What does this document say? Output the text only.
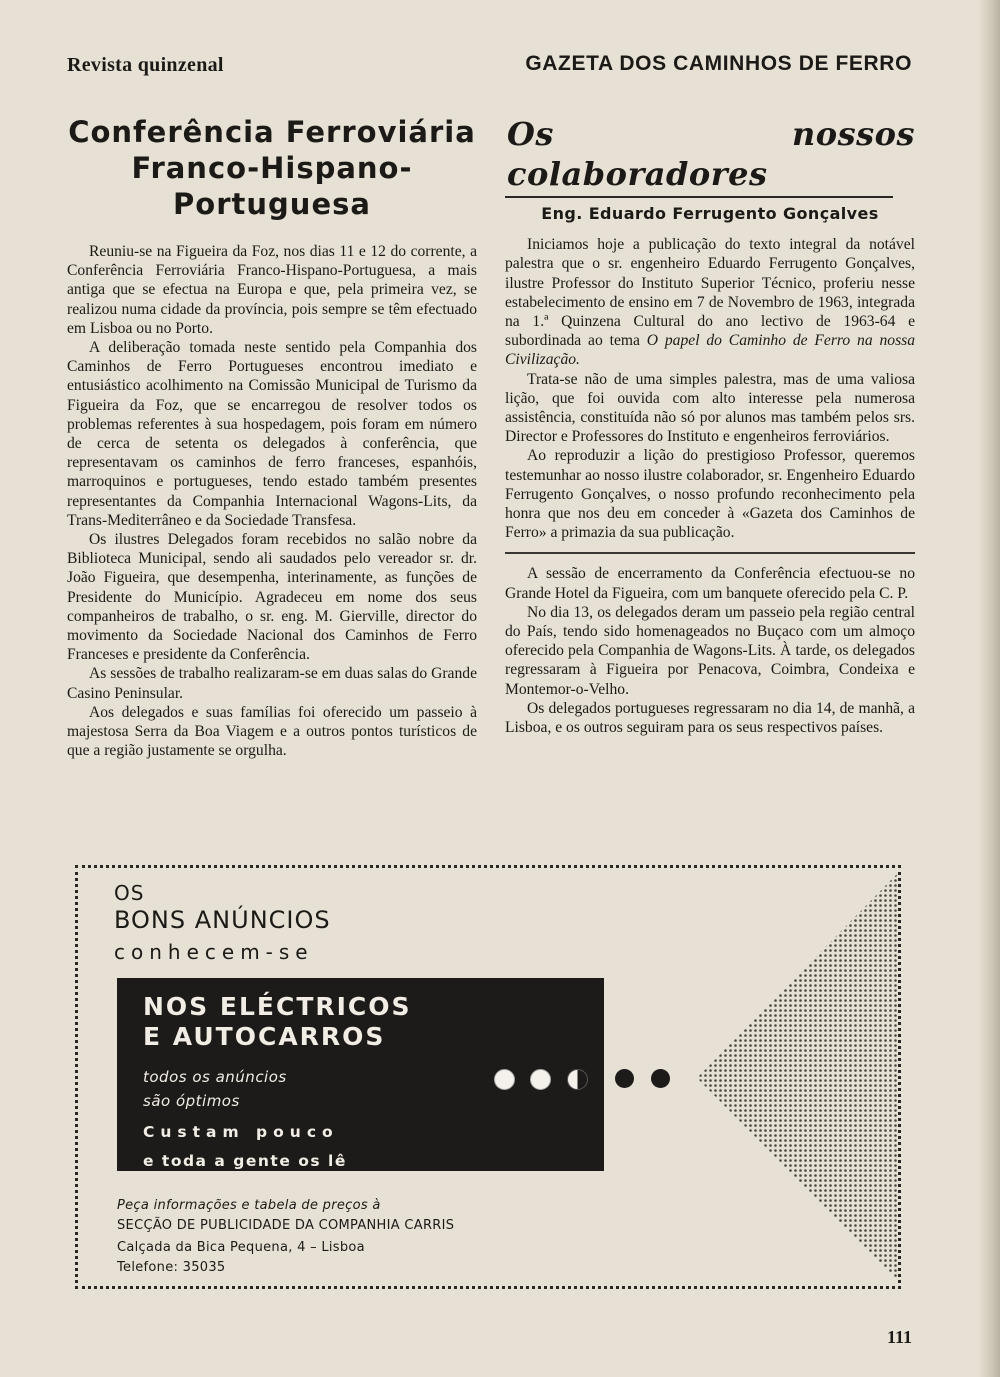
Revista quinzenal	GAZETA DOS CAMINHOS DE FERRO
Conferência Ferroviária
Franco-Hispano-Portuguesa

Reuniu-se na Figueira da Foz, nos dias 11 e 12 do corrente, a Conferência Ferroviária Franco-Hispano-Portuguesa, a mais antiga que se efectua na Europa e que, pela primeira vez, se realizou numa cidade da província, pois sempre se têm efectuado em Lisboa ou no Porto.

A deliberação tomada neste sentido pela Companhia dos Caminhos de Ferro Portugueses encontrou imediato e entusiástico acolhimento na Comissão Municipal de Turismo da Figueira da Foz, que se encarregou de resolver todos os problemas referentes à sua hospedagem, pois foram em número de cerca de setenta os delegados à conferência, que representavam os caminhos de ferro franceses, espanhóis, marroquinos e portugueses, tendo estado também presentes representantes da Companhia Internacional Wagons-Lits, da Trans-Mediterrâneo e da Sociedade Transfesa.

Os ilustres Delegados foram recebidos no salão nobre da Biblioteca Municipal, sendo ali saudados pelo vereador sr. dr. João Figueira, que desempenha, interinamente, as funções de Presidente do Município. Agradeceu em nome dos seus companheiros de trabalho, o sr. eng. M. Gierville, director do movimento da Sociedade Nacional dos Caminhos de Ferro Franceses e presidente da Conferência.

As sessões de trabalho realizaram-se em duas salas do Grande Casino Peninsular.

Aos delegados e suas famílias foi oferecido um passeio à majestosa Serra da Boa Viagem e a outros pontos turísticos de que a região justamente se orgulha.

Os nossos colaboradores
Eng. Eduardo Ferrugento Gonçalves

Iniciamos hoje a publicação do texto integral da notável palestra que o sr. engenheiro Eduardo Ferrugento Gonçalves, ilustre Professor do Instituto Superior Técnico, proferiu nesse estabelecimento de ensino em 7 de Novembro de 1963, integrada na 1.ª Quinzena Cultural do ano lectivo de 1963-64 e subordinada ao tema O papel do Caminho de Ferro na nossa Civilização.

Trata-se não de uma simples palestra, mas de uma valiosa lição, que foi ouvida com alto interesse pela numerosa assistência, constituída não só por alunos mas também pelos srs. Director e Professores do Instituto e engenheiros ferroviários.

Ao reproduzir a lição do prestigioso Professor, queremos testemunhar ao nosso ilustre colaborador, sr. Engenheiro Eduardo Ferrugento Gonçalves, o nosso profundo reconhecimento pela honra que nos deu em conceder à «Gazeta dos Caminhos de Ferro» a primazia da sua publicação.

A sessão de encerramento da Conferência efectuou-se no Grande Hotel da Figueira, com um banquete oferecido pela C. P.

No dia 13, os delegados deram um passeio pela região central do País, tendo sido homenageados no Buçaco com um almoço oferecido pela Companhia de Wagons-Lits. À tarde, os delegados regressaram à Figueira por Penacova, Coimbra, Condeixa e Montemor-o-Velho.

Os delegados portugueses regressaram no dia 14, de manhã, a Lisboa, e os outros seguiram para os seus respectivos países.

OS
BONS ANÚNCIOS
conhecem-se
NOS ELÉCTRICOS
E AUTOCARROS
todos os anúncios
são óptimos
Custam pouco
e toda a gente os lê
Peça informações e tabela de preços à
SECÇÃO DE PUBLICIDADE DA COMPANHIA CARRIS
Calçada da Bica Pequena, 4 – Lisboa
Telefone: 35035
111
